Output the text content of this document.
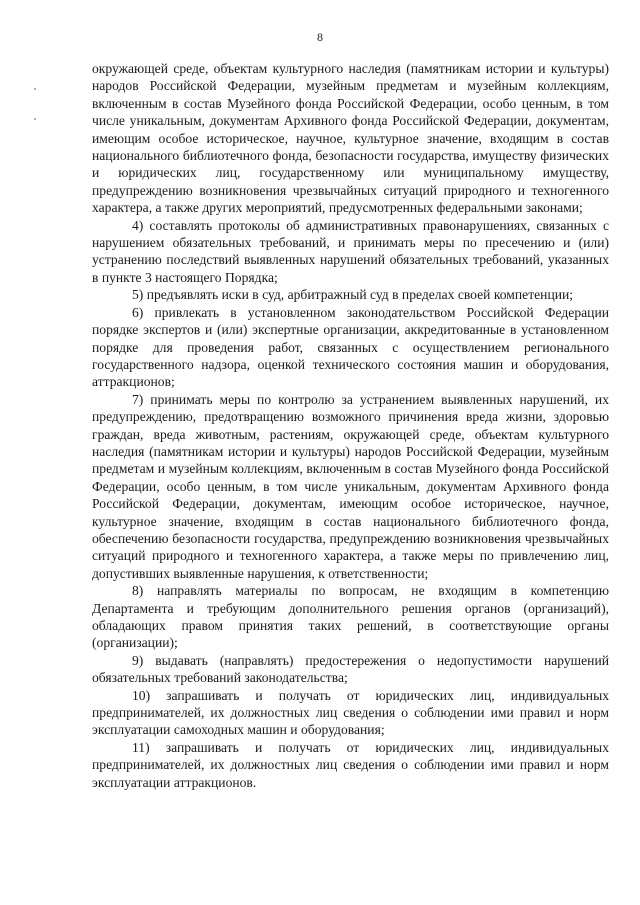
8

окружающей среде, объектам культурного наследия (памятникам истории и культуры) народов Российской Федерации, музейным предметам и музейным коллекциям, включенным в состав Музейного фонда Российской Федерации, особо ценным, в том числе уникальным, документам Архивного фонда Российской Федерации, документам, имеющим особое историческое, научное, культурное значение, входящим в состав национального библиотечного фонда, безопасности государства, имуществу физических и юридических лиц, государственному или муниципальному имуществу, предупреждению возникновения чрезвычайных ситуаций природного и техногенного характера, а также других мероприятий, предусмотренных федеральными законами;

4) составлять протоколы об административных правонарушениях, связанных с нарушением обязательных требований, и принимать меры по пресечению и (или) устранению последствий выявленных нарушений обязательных требований, указанных в пункте 3 настоящего Порядка;

5) предъявлять иски в суд, арбитражный суд в пределах своей компетенции;

6) привлекать в установленном законодательством Российской Федерации порядке экспертов и (или) экспертные организации, аккредитованные в установленном порядке для проведения работ, связанных с осуществлением регионального государственного надзора, оценкой технического состояния машин и оборудования, аттракционов;

7) принимать меры по контролю за устранением выявленных нарушений, их предупреждению, предотвращению возможного причинения вреда жизни, здоровью граждан, вреда животным, растениям, окружающей среде, объектам культурного наследия (памятникам истории и культуры) народов Российской Федерации, музейным предметам и музейным коллекциям, включенным в состав Музейного фонда Российской Федерации, особо ценным, в том числе уникальным, документам Архивного фонда Российской Федерации, документам, имеющим особое историческое, научное, культурное значение, входящим в состав национального библиотечного фонда, обеспечению безопасности государства, предупреждению возникновения чрезвычайных ситуаций природного и техногенного характера, а также меры по привлечению лиц, допустивших выявленные нарушения, к ответственности;

8) направлять материалы по вопросам, не входящим в компетенцию Департамента и требующим дополнительного решения органов (организаций), обладающих правом принятия таких решений, в соответствующие органы (организации);

9) выдавать (направлять) предостережения о недопустимости нарушений обязательных требований законодательства;

10) запрашивать и получать от юридических лиц, индивидуальных предпринимателей, их должностных лиц сведения о соблюдении ими правил и норм эксплуатации самоходных машин и оборудования;

11) запрашивать и получать от юридических лиц, индивидуальных предпринимателей, их должностных лиц сведения о соблюдении ими правил и норм эксплуатации аттракционов.
